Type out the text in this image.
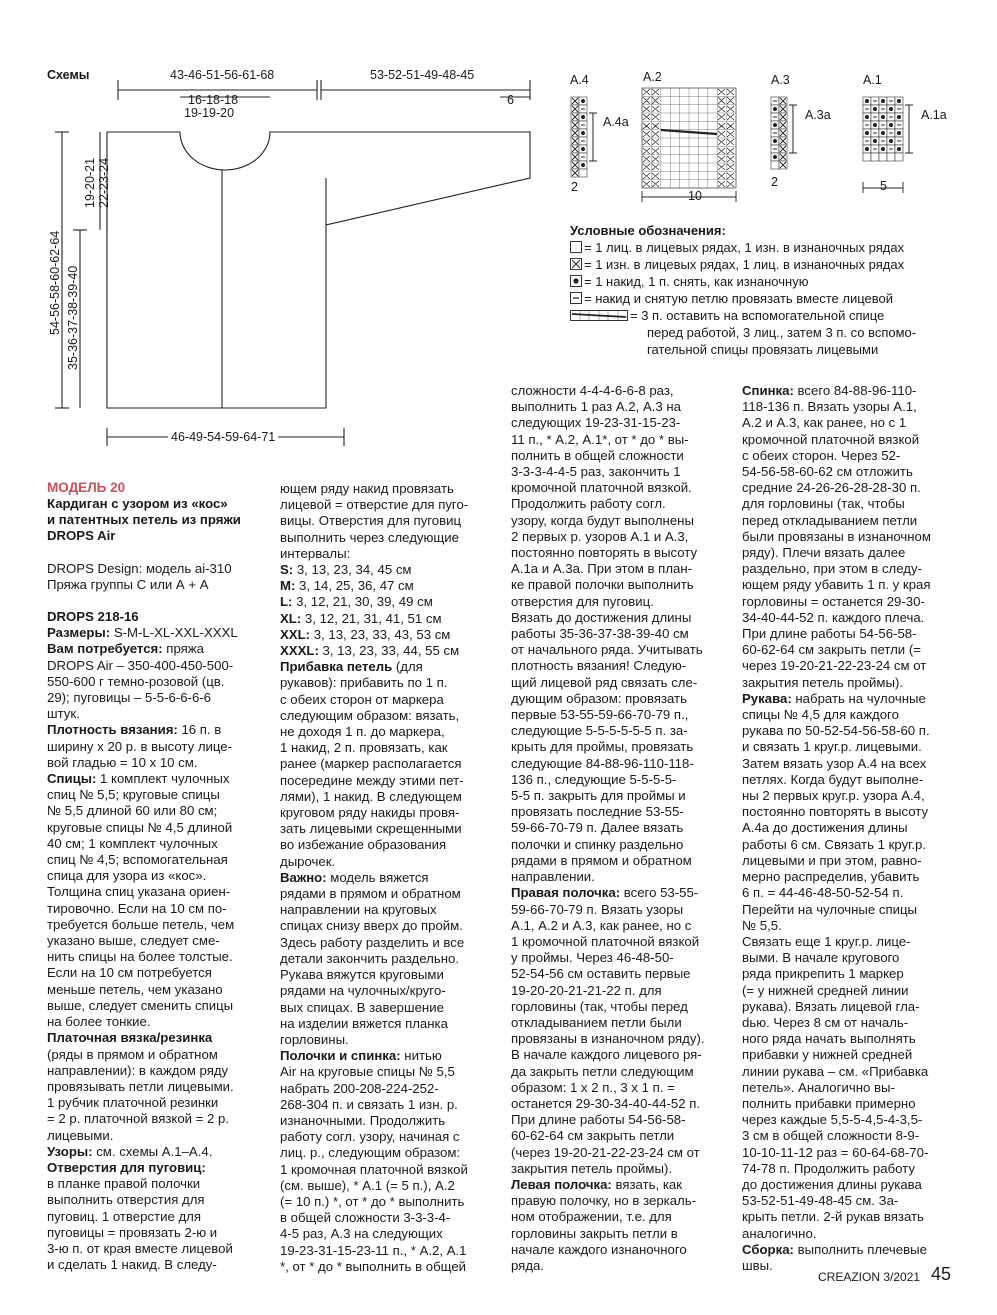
Схемы	43-46-51-56-61-68	53-52-51-49-48-45
16-18-18
19-19-20
6
19-20-21 22-23-24
54-56-58-60-62-64 35-36-37-38-39-40
46-49-54-59-64-71
A.4	A.2	A.3	A.1
A.4a	A.3a	A.1a
2
10
2	5
Условные обозначения:
= 1 лиц. в лицевых рядах, 1 изн. в изнаночных рядах
= 1 изн. в лицевых рядах, 1 лиц. в изнаночных рядах
= 1 накид, 1 п. снять, как изнаночную
= накид и снятую петлю провязать вместе лицевой
= 3 п. оставить на вспомогательной спице
перед работой, 3 лиц., затем 3 п. со вспомо-
гательной спицы провязать лицевыми
МОДЕЛЬ 20
Кардиган с узором из «кос»
и патентных петель из пряжи
DROPS Air
DROPS Design: модель ai-310
Пряжа группы С или А + А
DROPS 218-16
Размеры: S-M-L-XL-XXL-XXXL
Вам потребуется: пряжа
DROPS Air – 350-400-450-500-
550-600 г темно-розовой (цв.
29); пуговицы – 5-5-6-6-6-6
штук.
Плотность вязания: 16 п. в
ширину х 20 р. в высоту лице-
вой гладью = 10 х 10 см.
Спицы: 1 комплект чулочных
спиц № 5,5; круговые спицы
№ 5,5 длиной 60 или 80 см;
круговые спицы № 4,5 длиной
40 см; 1 комплект чулочных
спиц № 4,5; вспомогательная
спица для узора из «кос».
Толщина спиц указана ориен-
тировочно. Если на 10 см по-
требуется больше петель, чем
указано выше, следует сме-
нить спицы на более толстые.
Если на 10 см потребуется
меньше петель, чем указано
выше, следует сменить спицы
на более тонкие.
Платочная вязка/резинка
(ряды в прямом и обратном
направлении): в каждом ряду
провязывать петли лицевыми.
1 рубчик платочной резинки
= 2 р. платочной вязкой = 2 р.
лицевыми.
Узоры: см. схемы А.1–А.4.
Отверстия для пуговиц:
в планке правой полочки
выполнить отверстия для
пуговиц. 1 отверстие для
пуговицы = провязать 2-ю и
3-ю п. от края вместе лицевой
и сделать 1 накид. В следу-
ющем ряду накид провязать
лицевой = отверстие для пуго-
вицы. Отверстия для пуговиц
выполнить через следующие
интервалы:
S: 3, 13, 23, 34, 45 см
M: 3, 14, 25, 36, 47 см
L: 3, 12, 21, 30, 39, 49 см
XL: 3, 12, 21, 31, 41, 51 см
XXL: 3, 13, 23, 33, 43, 53 см
XXXL: 3, 13, 23, 33, 44, 55 см
Прибавка петель (для
рукавов): прибавить по 1 п.
с обеих сторон от маркера
следующим образом: вязать,
не доходя 1 п. до маркера,
1 накид, 2 п. провязать, как
ранее (маркер располагается
посередине между этими пет-
лями), 1 накид. В следующем
круговом ряду накиды провя-
зать лицевыми скрещенными
во избежание образования
дырочек.
Важно: модель вяжется
рядами в прямом и обратном
направлении на круговых
спицах снизу вверх до пройм.
Здесь работу разделить и все
детали закончить раздельно.
Рукава вяжутся круговыми
рядами на чулочных/кругo-
вых спицах. В завершение
на изделии вяжется планка
горловины.
Полочки и спинка: нитью
Air на круговые спицы № 5,5
набрать 200-208-224-252-
268-304 п. и связать 1 изн. р.
изнаночными. Продолжить
работу согл. узору, начиная с
лиц. р., следующим образом:
1 кромочная платочной вязкой
(см. выше), * А.1 (= 5 п.), А.2
(= 10 п.) *, от * до * выполнить
в общей сложности 3-3-3-4-
4-5 раз, А.3 на следующих
19-23-31-15-23-11 п., * А.2, А.1
*, от * до * выполнить в общей
сложности 4-4-4-6-6-8 раз,
выполнить 1 раз А.2, А.3 на
следующих 19-23-31-15-23-
11 п., * А.2, А.1*, от * до * вы-
полнить в общей сложности
3-3-3-4-4-5 раз, закончить 1
кромочной платочной вязкой.
Продолжить работу согл.
узору, когда будут выполнены
2 первых р. узоров А.1 и А.3,
постоянно повторять в высоту
А.1а и А.3а. При этом в план-
ке правой полочки выполнить
отверстия для пуговиц.
Вязать до достижения длины
работы 35-36-37-38-39-40 см
от начального ряда. Учитывать
плотность вязания! Следую-
щий лицевой ряд связать сле-
дующим образом: провязать
первые 53-55-59-66-70-79 п.,
следующие 5-5-5-5-5-5 п. за-
крыть для проймы, провязать
следующие 84-88-96-110-118-
136 п., следующие 5-5-5-5-
5-5 п. закрыть для проймы и
провязать последние 53-55-
59-66-70-79 п. Далее вязать
полочки и спинку раздельно
рядами в прямом и обратном
направлении.
Правая полочка: всего 53-55-
59-66-70-79 п. Вязать узоры
А.1, А.2 и А.3, как ранее, но с
1 кромочной платочной вязкой
у проймы. Через 46-48-50-
52-54-56 см оставить первые
19-20-20-21-21-22 п. для
горловины (так, чтобы перед
откладыванием петли были
провязаны в изнаночном ряду).
В начале каждого лицевого ря-
да закрыть петли следующим
образом: 1 х 2 п., 3 х 1 п. =
останется 29-30-34-40-44-52 п.
При длине работы 54-56-58-
60-62-64 см закрыть петли
(через 19-20-21-22-23-24 см от
закрытия петель проймы).
Левая полочка: вязать, как
правую полочку, но в зеркаль-
ном отображении, т.е. для
горловины закрыть петли в
начале каждого изнаночного
ряда.
Спинка: всего 84-88-96-110-
118-136 п. Вязать узоры А.1,
А.2 и А.3, как ранее, но с 1
кромочной платочной вязкой
с обеих сторон. Через 52-
54-56-58-60-62 см отложить
средние 24-26-26-28-28-30 п.
для горловины (так, чтобы
перед откладыванием петли
были провязаны в изнаночном
ряду). Плечи вязать далее
раздельно, при этом в следу-
ющем ряду убавить 1 п. у края
горловины = останется 29-30-
34-40-44-52 п. каждого плеча.
При длине работы 54-56-58-
60-62-64 см закрыть петли (=
через 19-20-21-22-23-24 см от
закрытия петель проймы).
Рукава: набрать на чулочные
спицы № 4,5 для каждого
рукава по 50-52-54-56-58-60 п.
и связать 1 круг.р. лицевыми.
Затем вязать узор А.4 на всех
петлях. Когда будут выполне-
ны 2 первых круг.р. узора А.4,
постоянно повторять в высоту
А.4а до достижения длины
работы 6 см. Связать 1 круг.р.
лицевыми и при этом, равно-
мерно распределив, убавить
6 п. = 44-46-48-50-52-54 п.
Перейти на чулочные спицы
№ 5,5.
Связать еще 1 круг.р. лице-
выми. В начале кругового
ряда прикрепить 1 маркер
(= у нижней средней линии
рукава). Вязать лицевой гла-
dью. Через 8 см от началь-
ного ряда начать выполнять
прибавки у нижней средней
линии рукава – см. «Прибавка
петель». Аналогично вы-
полнить прибавки примерно
через каждые 5,5-5-4,5-4-3,5-
3 см в общей сложности 8-9-
10-10-11-12 раз = 60-64-68-70-
74-78 п. Продолжить работу
до достижения длины рукава
53-52-51-49-48-45 см. За-
крыть петли. 2-й рукав вязать
аналогично.
Сборка: выполнить плечевые
швы.
CREAZION 3/2021 45
